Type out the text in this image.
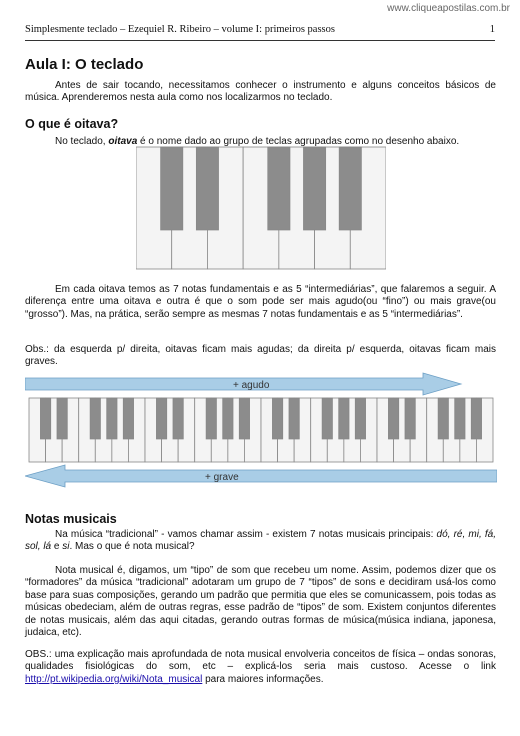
www.cliqueapostilas.com.br
Simplesmente teclado – Ezequiel R. Ribeiro – volume I: primeiros passos	1
Aula I: O teclado

Antes de sair tocando, necessitamos conhecer o instrumento e alguns conceitos básicos de música. Aprenderemos nesta aula como nos localizarmos no teclado.

O que é oitava?

No teclado, oitava é o nome dado ao grupo de teclas agrupadas como no desenho abaixo.

Em cada oitava temos as 7 notas fundamentais e as 5 “intermediárias”, que falaremos a seguir. A diferença entre uma oitava e outra é que o som pode ser mais agudo(ou “fino”) ou mais grave(ou “grosso”). Mas, na prática, serão sempre as mesmas 7 notas fundamentais e as 5 “intermediárias”.

Obs.: da esquerda p/ direita, oitavas ficam mais agudas; da direita p/ esquerda, oitavas ficam mais graves.

+ agudo
+ grave
Notas musicais

Na música “tradicional” - vamos chamar assim - existem 7 notas musicais principais: dó, ré, mi, fá, sol, lá e si. Mas o que é nota musical?

Nota musical é, digamos, um “tipo” de som que recebeu um nome. Assim, podemos dizer que os “formadores” da música “tradicional” adotaram um grupo de 7 “tipos” de sons e decidiram usá-los como base para suas composições, gerando um padrão que permitia que eles se comunicassem, pois todas as músicas obedeciam, além de outras regras, esse padrão de “tipos” de som. Existem conjuntos diferentes de notas musicais, além das aqui citadas, gerando outras formas de música(música indiana, japonesa, judaica, etc).

OBS.: uma explicação mais aprofundada de nota musical envolveria conceitos de física – ondas sonoras, qualidades fisiológicas do som, etc – explicá-los seria mais custoso. Acesse o link http://pt.wikipedia.org/wiki/Nota_musical para maiores informações.
